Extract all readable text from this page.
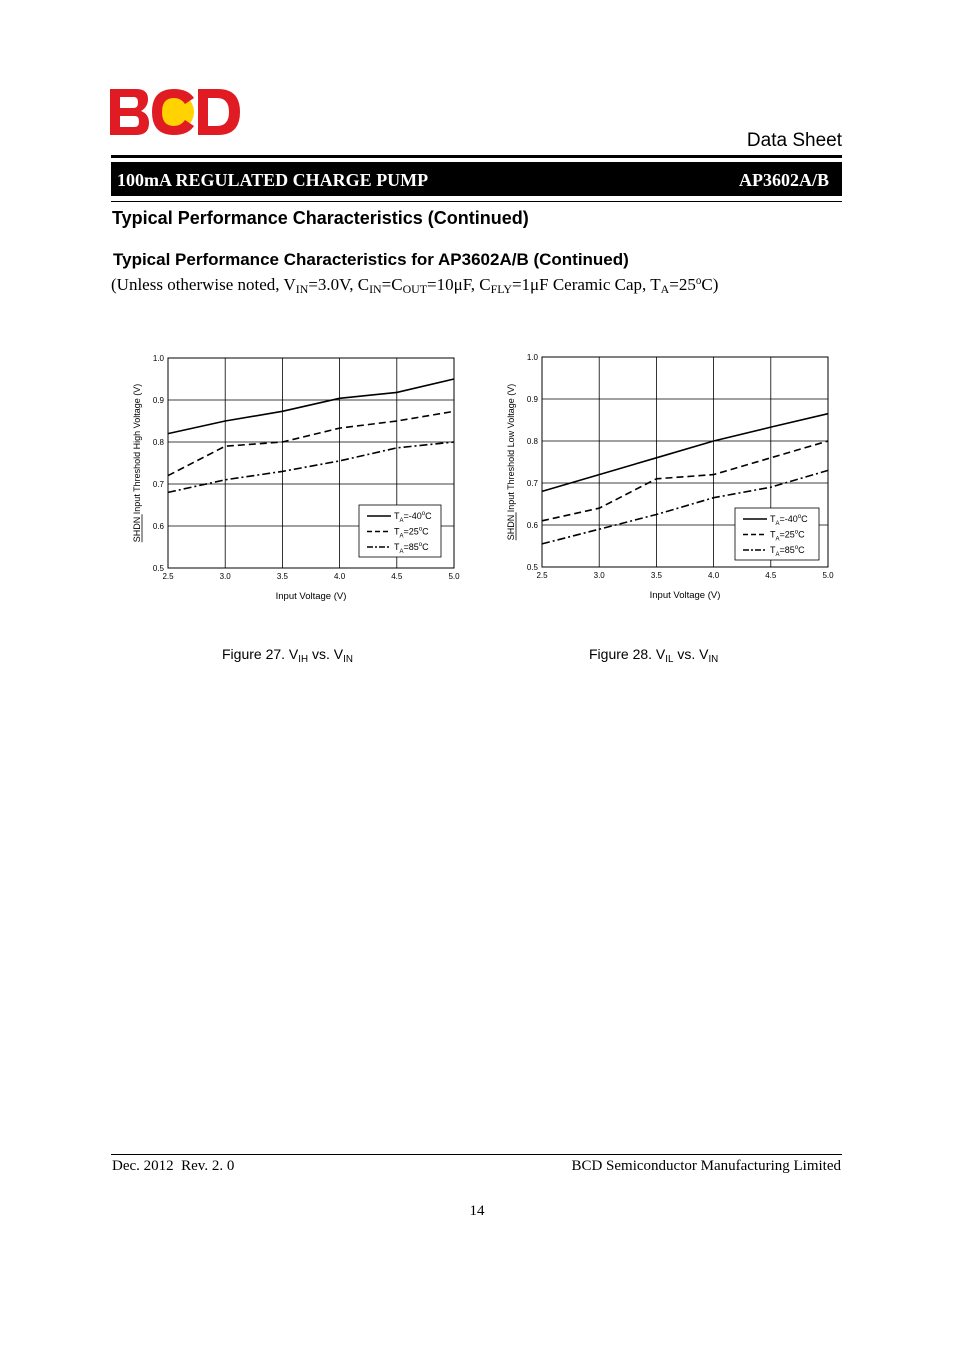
Data Sheet
100mA REGULATED CHARGE PUMP	AP3602A/B
Typical Performance Characteristics (Continued)
Typical Performance Characteristics for AP3602A/B (Continued)
(Unless otherwise noted, $V_{IN}=3.0V$, $C_{IN}=C_{OUT}=10\mu F$, $C_{FLY}=1\mu F$ Ceramic Cap, $T_A=25^oC$)
2.5	3.0	3.5	4.0	4.5	5.0
0.5
0.6
0.7
0.8
0.9
1.0
Input Voltage (V)
SHDN Input Threshold High Voltage (V)	$T_A=-40^oC$
$T_A=25^oC$
$T_A=85^oC$
2.5	3.0	3.5	4.0	4.5	5.0
0.5
0.6
0.7
0.8
0.9
1.0
Input Voltage (V)
SHDN Input Threshold Low Voltage (V)	$T_A=-40^oC$
$T_A=25^oC$
$T_A=85^oC$
Figure 27. $V_{IH}$ vs. $V_{IN}$	Figure 28. $V_{IL}$ vs. $V_{IN}$
Dec. 2012  Rev. 2. 0	BCD Semiconductor Manufacturing Limited
14
